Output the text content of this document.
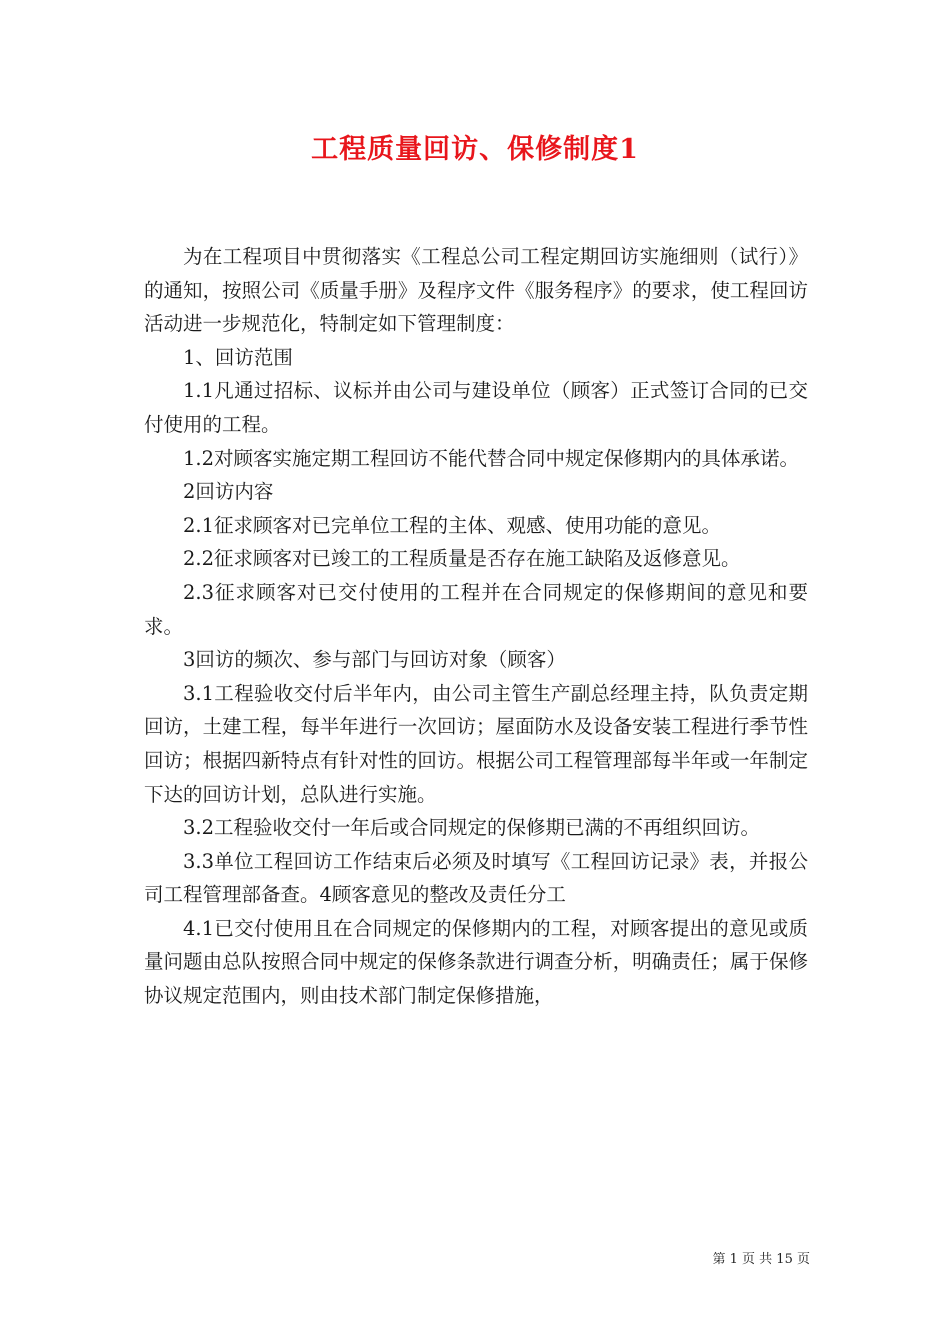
工程质量回访、保修制度1

为在工程项目中贯彻落实《工程总公司工程定期回访实施细则（试行）》的通知，按照公司《质量手册》及程序文件《服务程序》的要求，使工程回访活动进一步规范化，特制定如下管理制度：

1、回访范围

1.1凡通过招标、议标并由公司与建设单位（顾客）正式签订合同的已交付使用的工程。

1.2对顾客实施定期工程回访不能代替合同中规定保修期内的具体承诺。

2回访内容

2.1征求顾客对已完单位工程的主体、观感、使用功能的意见。

2.2征求顾客对已竣工的工程质量是否存在施工缺陷及返修意见。

2.3征求顾客对已交付使用的工程并在合同规定的保修期间的意见和要求。

3回访的频次、参与部门与回访对象（顾客）

3.1工程验收交付后半年内，由公司主管生产副总经理主持，队负责定期回访，土建工程，每半年进行一次回访；屋面防水及设备安装工程进行季节性回访；根据四新特点有针对性的回访。根据公司工程管理部每半年或一年制定下达的回访计划，总队进行实施。

3.2工程验收交付一年后或合同规定的保修期已满的不再组织回访。

3.3单位工程回访工作结束后必须及时填写《工程回访记录》表，并报公司工程管理部备查。4顾客意见的整改及责任分工

4.1已交付使用且在合同规定的保修期内的工程，对顾客提出的意见或质量问题由总队按照合同中规定的保修条款进行调查分析，明确责任；属于保修协议规定范围内，则由技术部门制定保修措施，

第 1 页 共 15 页
